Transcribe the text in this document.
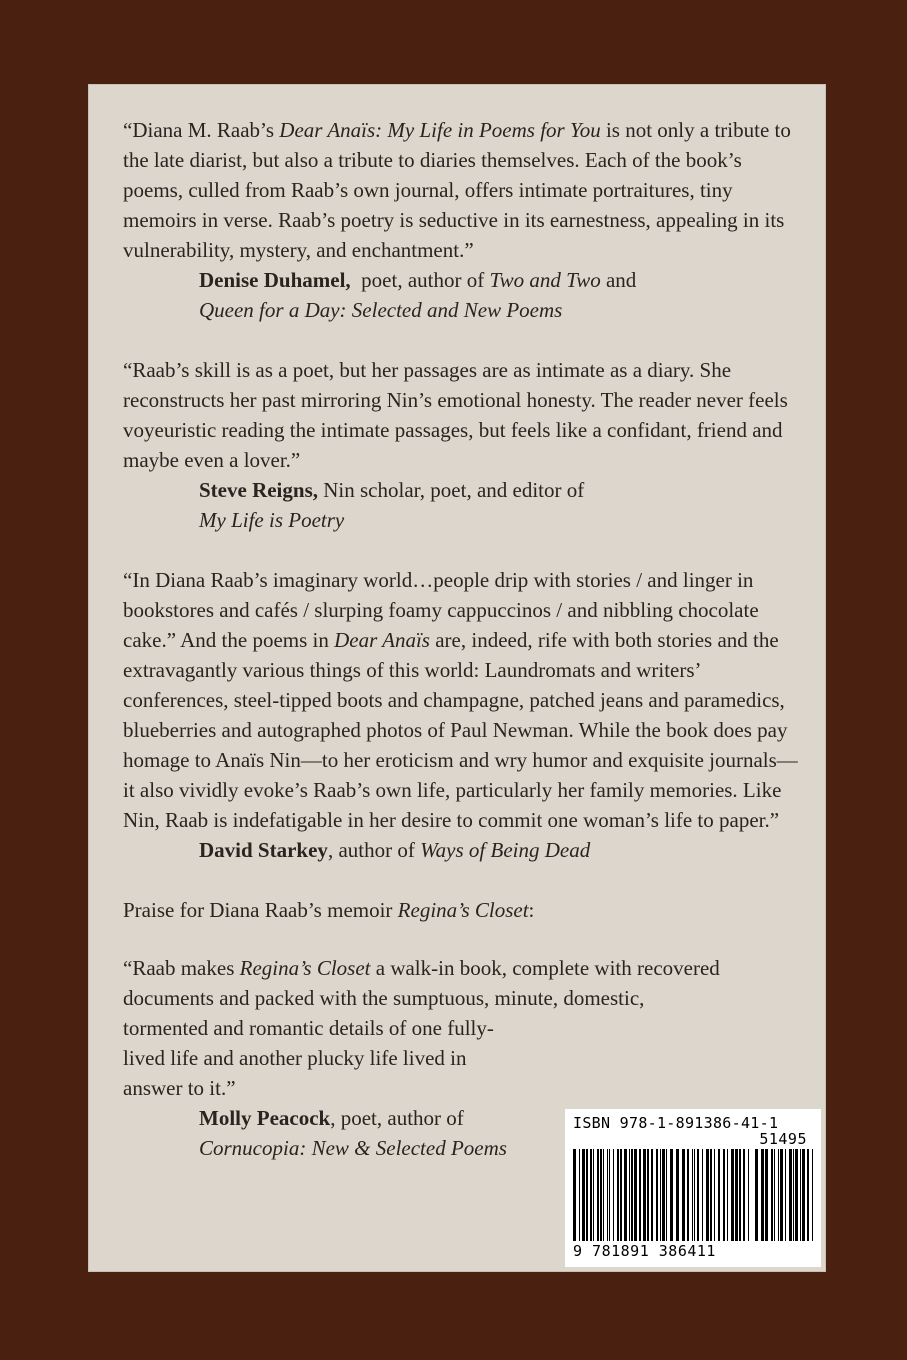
“Diana M. Raab’s Dear Anaïs: My Life in Poems for You is not only a tribute to the late diarist, but also a tribute to diaries themselves. Each of the book’s poems, culled from Raab’s own journal, offers intimate portraitures, tiny memoirs in verse. Raab’s poetry is seductive in its earnestness, appealing in its vulnerability, mystery, and enchantment.”

Denise Duhamel,  poet, author of Two and Two and

Queen for a Day: Selected and New Poems

“Raab’s skill is as a poet, but her passages are as intimate as a diary. She reconstructs her past mirroring Nin’s emotional honesty. The reader never feels voyeuristic reading the intimate passages, but feels like a confidant, friend and maybe even a lover.”

Steve Reigns, Nin scholar, poet, and editor of

My Life is Poetry

“In Diana Raab’s imaginary world…people drip with stories / and linger in bookstores and cafés / slurping foamy cappuccinos / and nibbling chocolate cake.” And the poems in Dear Anaïs are, indeed, rife with both stories and the extravagantly various things of this world: Laundromats and writers’ conferences, steel-tipped boots and champagne, patched jeans and paramedics, blueberries and autographed photos of Paul Newman. While the book does pay homage to Anaïs Nin—to her eroticism and wry humor and exquisite journals—it also vividly evoke’s Raab’s own life, particularly her family memories. Like Nin, Raab is indefatigable in her desire to commit one woman’s life to paper.”

David Starkey, author of Ways of Being Dead

Praise for Diana Raab’s memoir Regina’s Closet:

“Raab makes Regina’s Closet a walk-in book, complete with recovered documents and packed with the sumptuous, minute, domestic,

tormented and romantic details of one fully-

lived life and another plucky life lived in

answer to it.”

Molly Peacock, poet, author of

Cornucopia: New & Selected Poems

ISBN 978-1-891386-41-1
51495
9 781891 386411
